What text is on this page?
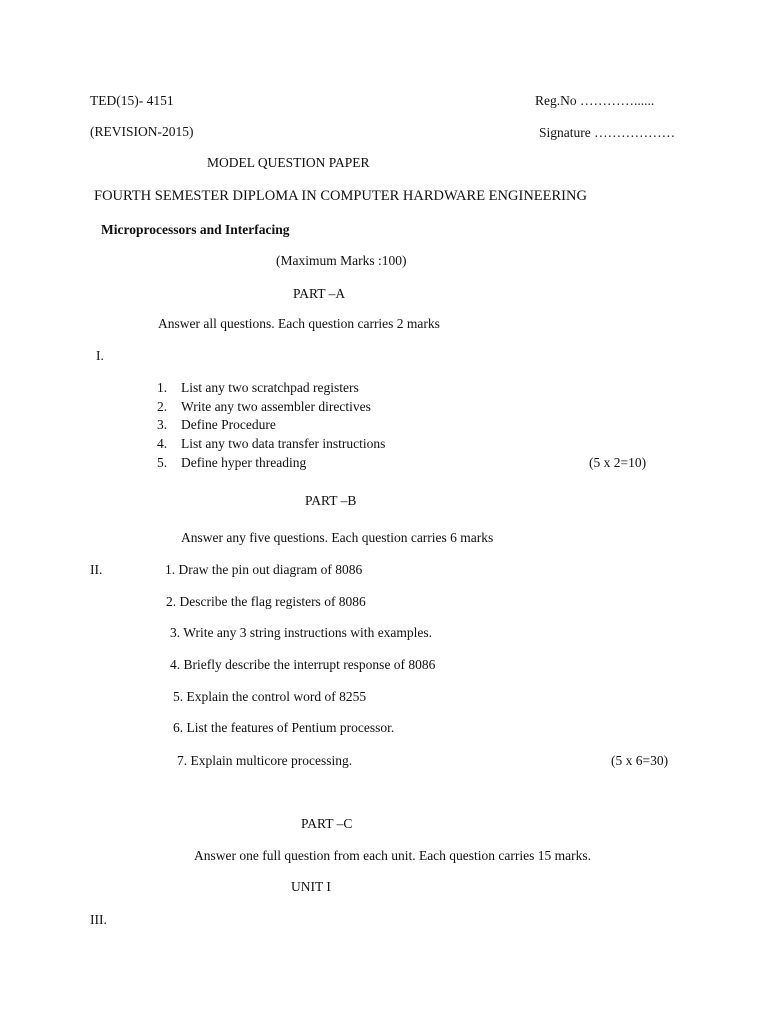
TED(15)- 4151	Reg.No …………......
(REVISION-2015)	Signature ………………
MODEL QUESTION PAPER
FOURTH SEMESTER DIPLOMA IN COMPUTER HARDWARE ENGINEERING
Microprocessors and Interfacing
(Maximum Marks :100)
PART –A
Answer all questions. Each question carries 2 marks
I.
1. List any two scratchpad registers
2. Write any two assembler directives
3. Define Procedure
4. List any two data transfer instructions
5. Define hyper threading	(5 x 2=10)
PART –B
Answer any five questions. Each question carries 6 marks
II.	1. Draw the pin out diagram of 8086
2. Describe the flag registers of 8086
3. Write any 3 string instructions with examples.
4. Briefly describe the interrupt response of 8086
5. Explain the control word of 8255
6. List the features of Pentium processor.
7. Explain multicore processing.	(5 x 6=30)
PART –C
Answer one full question from each unit. Each question carries 15 marks.
UNIT I
III.
